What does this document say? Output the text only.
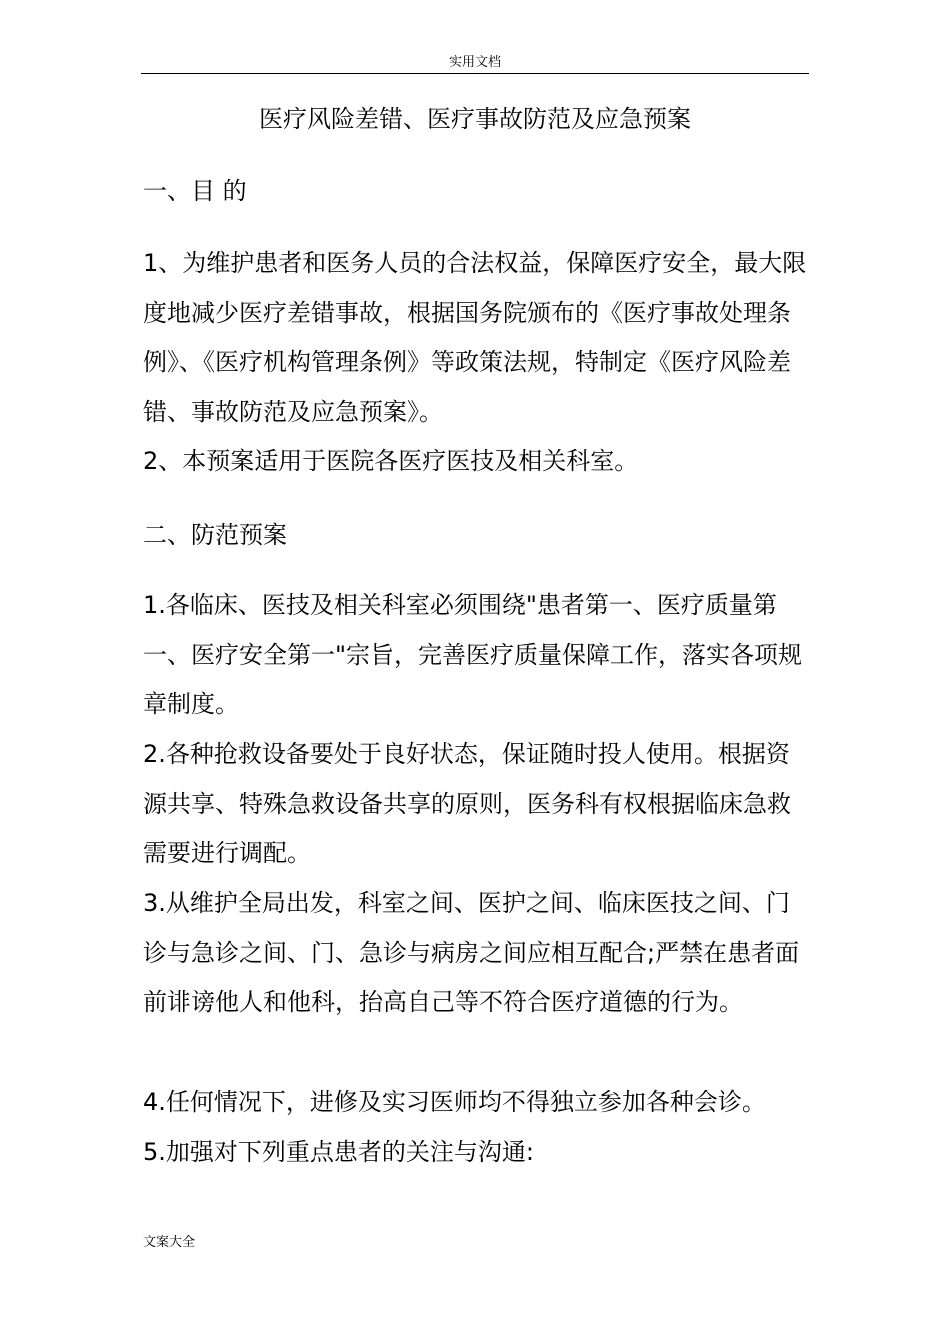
实用文档
医疗风险差错、医疗事故防范及应急预案
一、目 的
1、为维护患者和医务人员的合法权益，保障医疗安全，最大限度地减少医疗差错事故，根据国务院颁布的《医疗事故处理条例》、《医疗机构管理条例》等政策法规，特制定《医疗风险差错、事故防范及应急预案》。
2、本预案适用于医院各医疗医技及相关科室。
二、防范预案
1.各临床、医技及相关科室必须围绕"患者第一、医疗质量第一、医疗安全第一"宗旨，完善医疗质量保障工作，落实各项规章制度。
2.各种抢救设备要处于良好状态，保证随时投人使用。根据资源共享、特殊急救设备共享的原则，医务科有权根据临床急救需要进行调配。
3.从维护全局出发，科室之间、医护之间、临床医技之间、门诊与急诊之间、门、急诊与病房之间应相互配合;严禁在患者面前诽谤他人和他科，抬高自己等不符合医疗道德的行为。
4.任何情况下，进修及实习医师均不得独立参加各种会诊。
5.加强对下列重点患者的关注与沟通:
文案大全
